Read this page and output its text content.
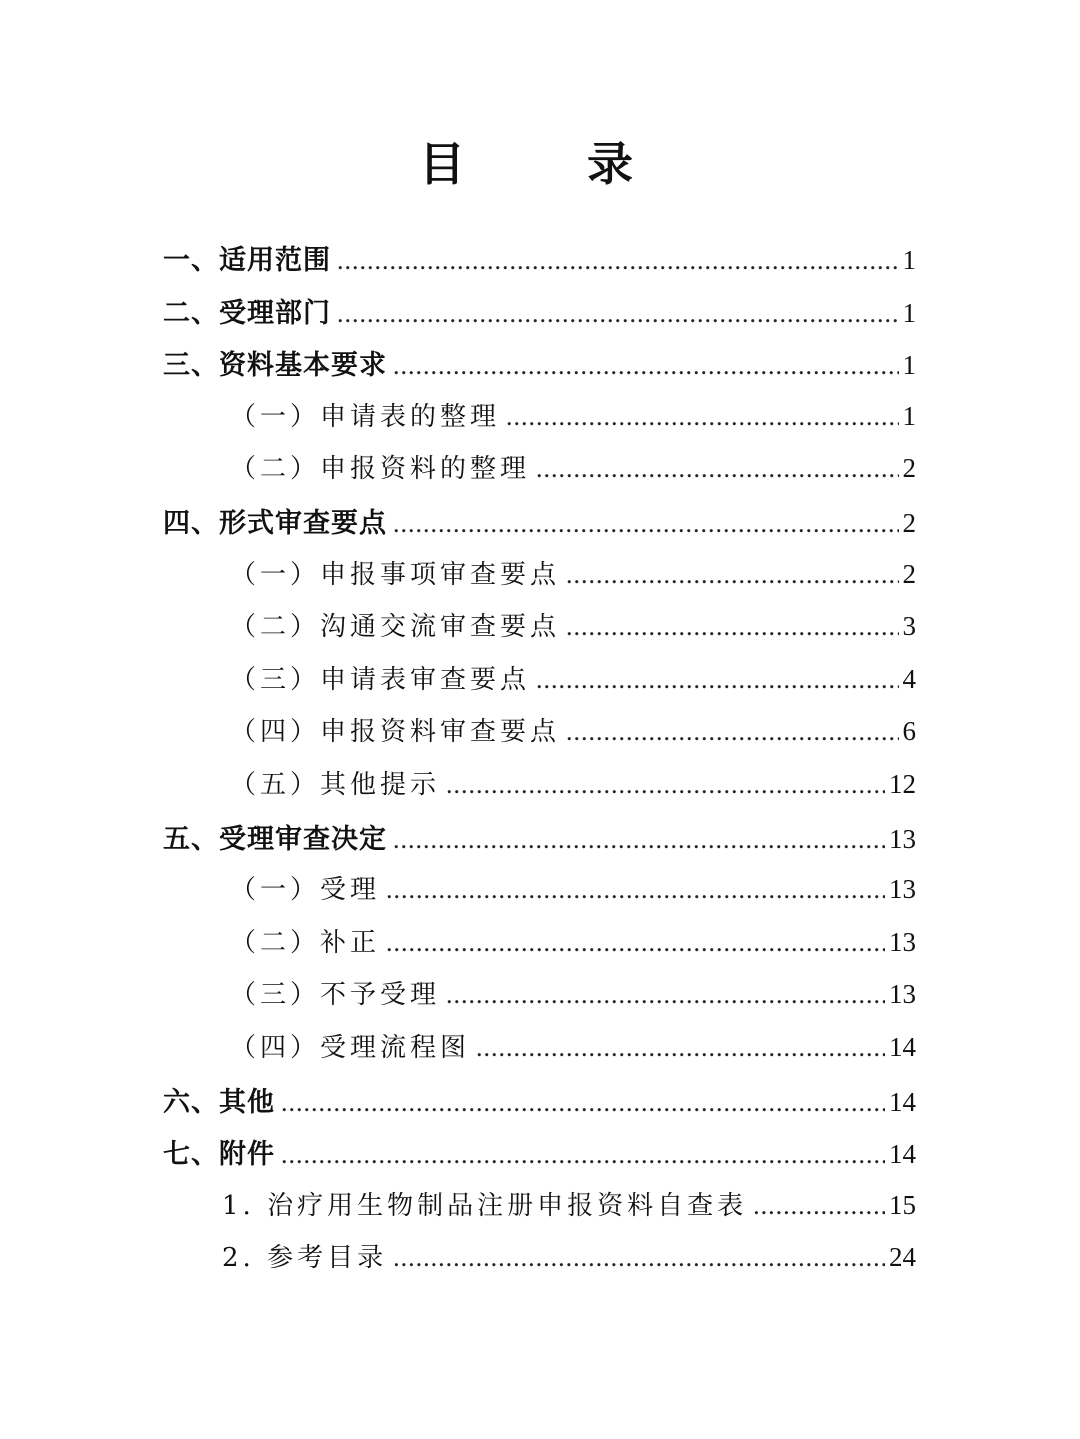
目　录
一、适用范围 .....	1
二、受理部门 .....	1
三、资料基本要求 .....	1
（一）申请表的整理 .....	1
（二）申报资料的整理 .....	2
四、形式审查要点 .....	2
（一）申报事项审查要点 .....	2
（二）沟通交流审查要点 .....	3
（三）申请表审查要点 .....	4
（四）申报资料审查要点 .....	6
（五）其他提示 .....	12
五、受理审查决定 .....	13
（一）受理 .....	13
（二）补正 .....	13
（三）不予受理 .....	13
（四）受理流程图 .....	14
六、其他 .....	14
七、附件 .....	14
1. 治疗用生物制品注册申报资料自查表 .....	15
2. 参考目录 .....	24
